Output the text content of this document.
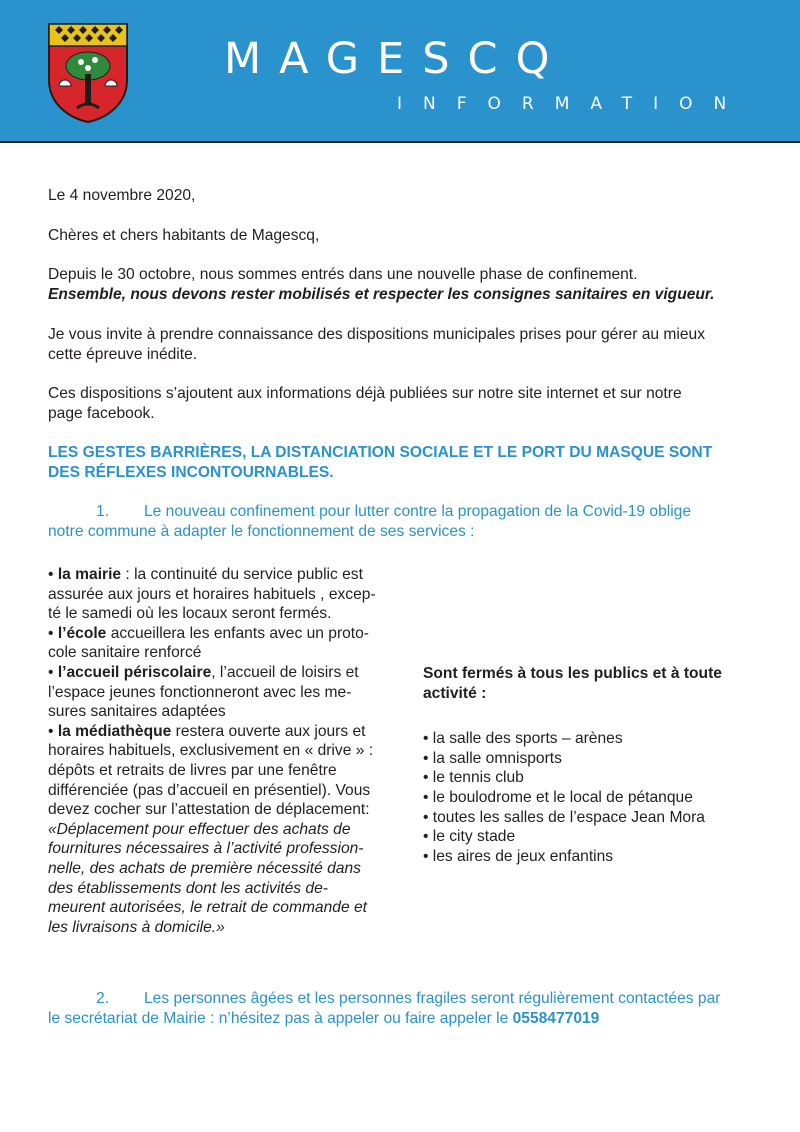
MAGESCQ
INFORMATION
Le 4 novembre 2020,
Chères et chers habitants de Magescq,
Depuis le 30 octobre, nous sommes entrés dans une nouvelle phase de confinement.
Ensemble, nous devons rester mobilisés et respecter les consignes sanitaires en vigueur.
Je vous invite à prendre connaissance des dispositions municipales prises pour gérer au mieux
cette épreuve inédite.
Ces dispositions s’ajoutent aux informations déjà publiées sur notre site internet et sur notre
page facebook.
LES GESTES BARRIÈRES, LA DISTANCIATION SOCIALE ET LE PORT DU MASQUE SONT
DES RÉFLEXES INCONTOURNABLES.
1. Le nouveau confinement pour lutter contre la propagation de la Covid-19 oblige
notre commune à adapter le fonctionnement de ses services :
• la mairie : la continuité du service public est
assurée aux jours et horaires habituels , excep-
té le samedi où les locaux seront fermés.
• l’école accueillera les enfants avec un proto-
cole sanitaire renforcé
• l’accueil périscolaire, l’accueil de loisirs et
l’espace jeunes fonctionneront avec les me-
sures sanitaires adaptées
• la médiathèque restera ouverte aux jours et
horaires habituels, exclusivement en « drive » :
dépôts et retraits de livres par une fenêtre
différenciée (pas d’accueil en présentiel). Vous
devez cocher sur l’attestation de déplacement:
«Déplacement pour effectuer des achats de
fournitures nécessaires à l’activité profession-
nelle, des achats de première nécessité dans
des établissements dont les activités de-
meurent autorisées, le retrait de commande et
les livraisons à domicile.»
Sont fermés à tous les publics et à toute
activité :
• la salle des sports – arènes
• la salle omnisports
• le tennis club
• le boulodrome et le local de pétanque
• toutes les salles de l’espace Jean Mora
• le city stade
• les aires de jeux enfantins
2. Les personnes âgées et les personnes fragiles seront régulièrement contactées par
le secrétariat de Mairie : n’hésitez pas à appeler ou faire appeler le 0558477019
